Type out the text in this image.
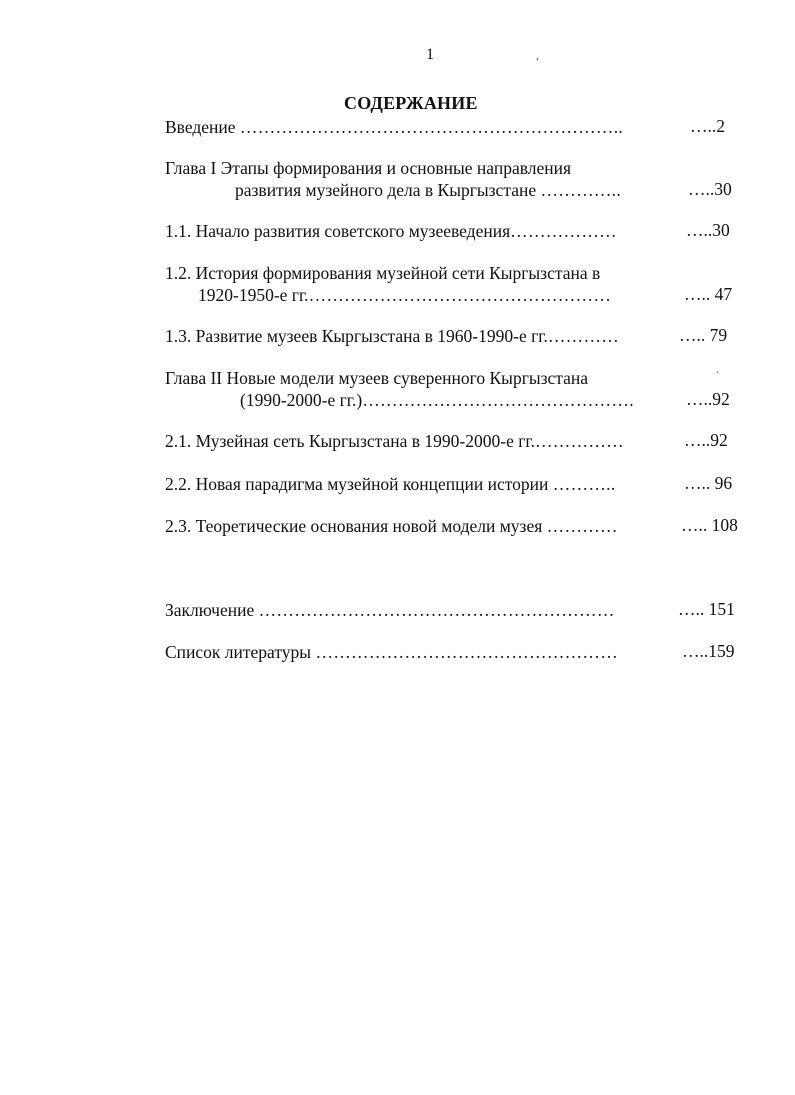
1
СОДЕРЖАНИЕ
Введение ………………………………………………………..	…..2
Глава I Этапы формирования и основные направления
развития музейного дела в Кыргызстане …………..	…..30
1.1. Начало развития советского музееведения………………	…..30
1.2. История формирования музейной сети Кыргызстана в
1920-1950-е гг.……………………………………………	….. 47
1.3. Развитие музеев Кыргызстана в 1960-1990-е гг.…………	….. 79
Глава II Новые модели музеев суверенного Кыргызстана
(1990-2000-е гг.)……………………………………….	…..92
2.1. Музейная сеть Кыргызстана в 1990-2000-е гг.……………	…..92
2.2. Новая парадигма музейной концепции истории ………..	….. 96
2.3. Теоретические основания новой модели музея …………	….. 108
Заключение ……………………………………………………	….. 151
Список литературы ……………………………………………	…..159
,
.
